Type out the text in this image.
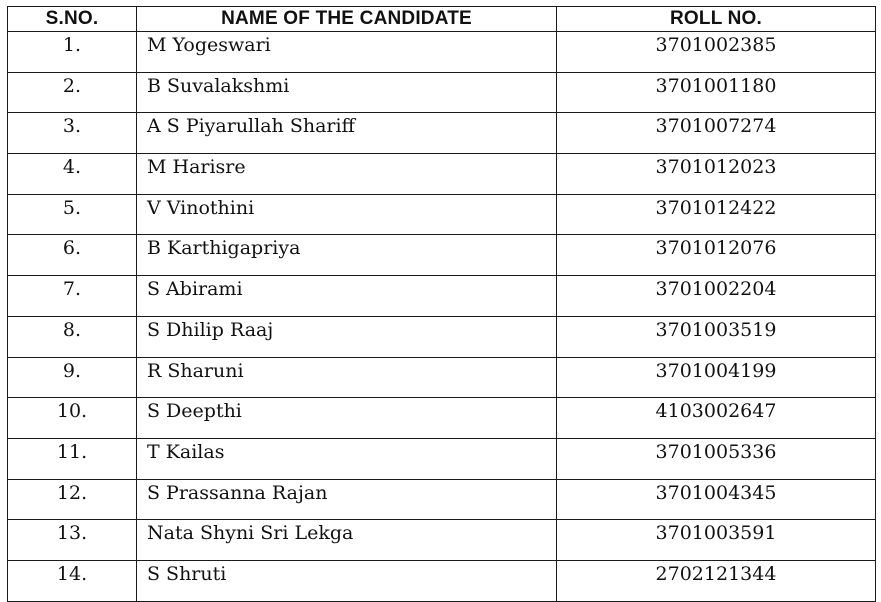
S.NO.	NAME OF THE CANDIDATE	ROLL NO.
1.	M Yogeswari	3701002385
2.	B Suvalakshmi	3701001180
3.	A S Piyarullah Shariff	3701007274
4.	M Harisre	3701012023
5.	V Vinothini	3701012422
6.	B Karthigapriya	3701012076
7.	S Abirami	3701002204
8.	S Dhilip Raaj	3701003519
9.	R Sharuni	3701004199
10.	S Deepthi	4103002647
11.	T Kailas	3701005336
12.	S Prassanna Rajan	3701004345
13.	Nata Shyni Sri Lekga	3701003591
14.	S Shruti	2702121344
